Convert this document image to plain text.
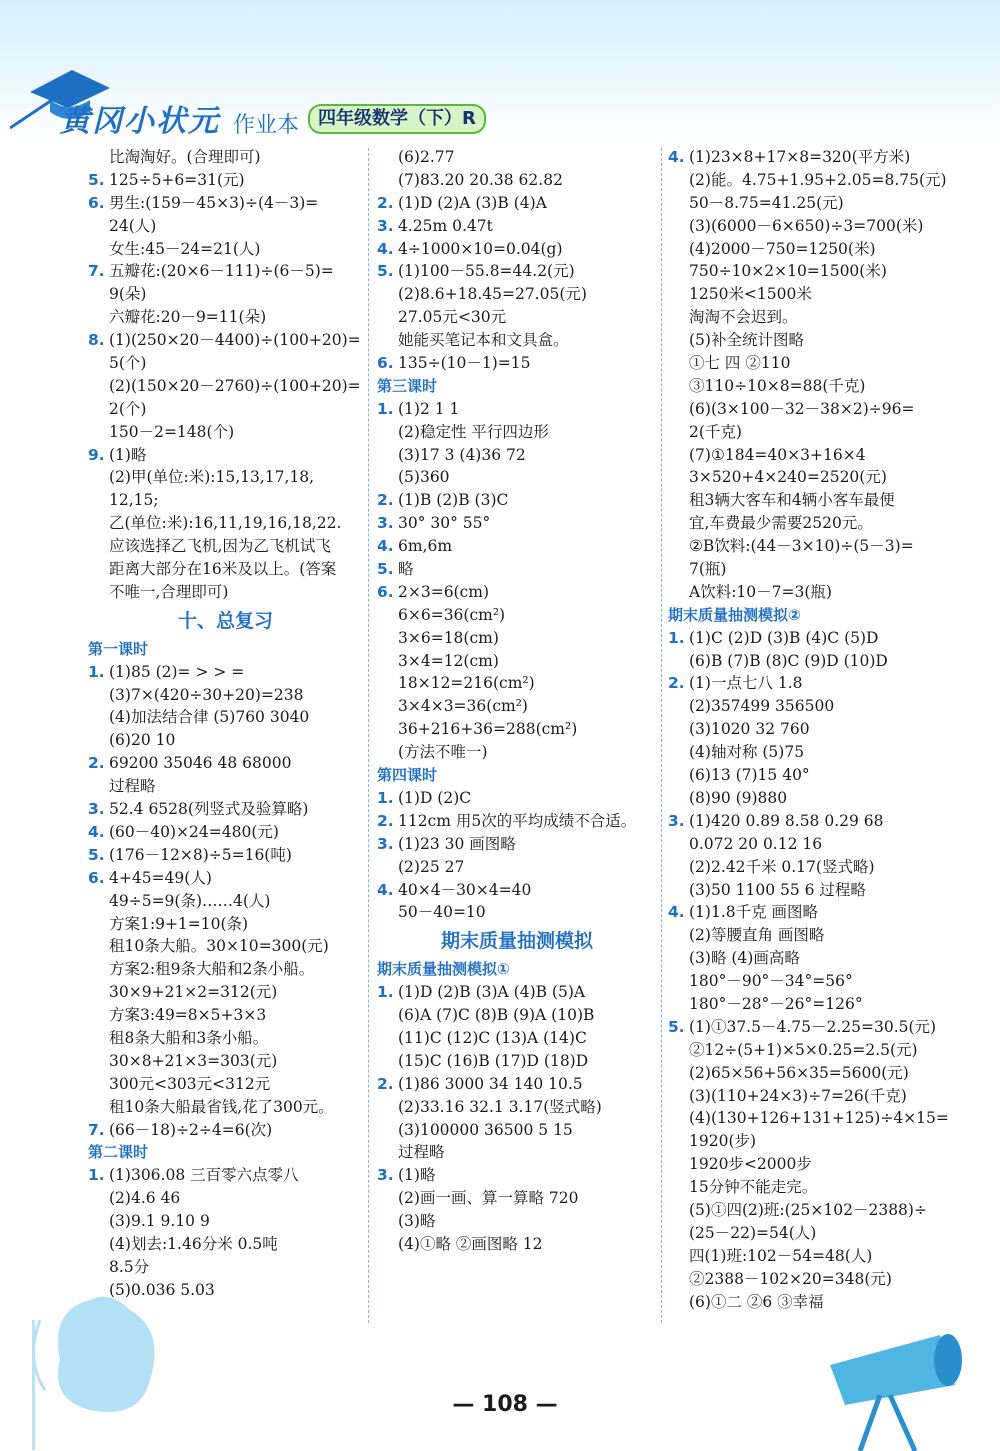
黄冈小状元 作业本	四年级数学（下）R
比淘淘好。(合理即可)
5. 125÷5+6=31(元)
6. 男生:(159－45×3)÷(4－3)=
24(人)
女生:45－24=21(人)
7. 五瓣花:(20×6－111)÷(6－5)=
9(朵)
六瓣花:20－9=11(朵)
8. (1)(250×20－4400)÷(100+20)=
5(个)
(2)(150×20－2760)÷(100+20)=
2(个)
150－2=148(个)
9. (1)略
(2)甲(单位:米):15,13,17,18,
12,15;
乙(单位:米):16,11,19,16,18,22.
应该选择乙飞机,因为乙飞机试飞
距离大部分在16米及以上。(答案
不唯一,合理即可)
十、总复习
第一课时
1. (1)85 (2)= > > =
(3)7×(420÷30+20)=238
(4)加法结合律 (5)760 3040
(6)20 10
2. 69200 35046 48 68000
过程略
3. 52.4 6528(列竖式及验算略)
4. (60－40)×24=480(元)
5. (176－12×8)÷5=16(吨)
6. 4+45=49(人)
49÷5=9(条)……4(人)
方案1:9+1=10(条)
租10条大船。30×10=300(元)
方案2:租9条大船和2条小船。
30×9+21×2=312(元)
方案3:49=8×5+3×3
租8条大船和3条小船。
30×8+21×3=303(元)
300元<303元<312元
租10条大船最省钱,花了300元。
7. (66－18)÷2÷4=6(次)
第二课时
1. (1)306.08 三百零六点零八
(2)4.6 46
(3)9.1 9.10 9
(4)划去:1.46分米 0.5吨
8.5分
(5)0.036 5.03
(6)2.77
(7)83.20 20.38 62.82
2. (1)D (2)A (3)B (4)A
3. 4.25m 0.47t
4. 4÷1000×10=0.04(g)
5. (1)100－55.8=44.2(元)
(2)8.6+18.45=27.05(元)
27.05元<30元
她能买笔记本和文具盒。
6. 135÷(10－1)=15
第三课时
1. (1)2 1 1
(2)稳定性 平行四边形
(3)17 3 (4)36 72
(5)360
2. (1)B (2)B (3)C
3. 30° 30° 55°
4. 6m,6m
5. 略
6. 2×3=6(cm)
6×6=36(cm²)
3×6=18(cm)
3×4=12(cm)
18×12=216(cm²)
3×4×3=36(cm²)
36+216+36=288(cm²)
(方法不唯一)
第四课时
1. (1)D (2)C
2. 112cm 用5次的平均成绩不合适。
3. (1)23 30 画图略
(2)25 27
4. 40×4－30×4=40
50－40=10
期末质量抽测模拟
期末质量抽测模拟①
1. (1)D (2)B (3)A (4)B (5)A
(6)A (7)C (8)B (9)A (10)B
(11)C (12)C (13)A (14)C
(15)C (16)B (17)D (18)D
2. (1)86 3000 34 140 10.5
(2)33.16 32.1 3.17(竖式略)
(3)100000 36500 5 15
过程略
3. (1)略
(2)画一画、算一算略 720
(3)略
(4)①略 ②画图略 12
4. (1)23×8+17×8=320(平方米)
(2)能。4.75+1.95+2.05=8.75(元)
50－8.75=41.25(元)
(3)(6000－6×650)÷3=700(米)
(4)2000－750=1250(米)
750÷10×2×10=1500(米)
1250米<1500米
淘淘不会迟到。
(5)补全统计图略
①七 四 ②110
③110÷10×8=88(千克)
(6)(3×100－32－38×2)÷96=
2(千克)
(7)①184=40×3+16×4
3×520+4×240=2520(元)
租3辆大客车和4辆小客车最便
宜,车费最少需要2520元。
②B饮料:(44－3×10)÷(5－3)=
7(瓶)
A饮料:10－7=3(瓶)
期末质量抽测模拟②
1. (1)C (2)D (3)B (4)C (5)D
(6)B (7)B (8)C (9)D (10)D
2. (1)一点七八 1.8
(2)357499 356500
(3)1020 32 760
(4)轴对称 (5)75
(6)13 (7)15 40°
(8)90 (9)880
3. (1)420 0.89 8.58 0.29 68
0.072 20 0.12 16
(2)2.42千米 0.17(竖式略)
(3)50 1100 55 6 过程略
4. (1)1.8千克 画图略
(2)等腰直角 画图略
(3)略 (4)画高略
180°－90°－34°=56°
180°－28°－26°=126°
5. (1)①37.5－4.75－2.25=30.5(元)
②12÷(5+1)×5×0.25=2.5(元)
(2)65×56+56×35=5600(元)
(3)(110+24×3)÷7=26(千克)
(4)(130+126+131+125)÷4×15=
1920(步)
1920步<2000步
15分钟不能走完。
(5)①四(2)班:(25×102－2388)÷
(25－22)=54(人)
四(1)班:102－54=48(人)
②2388－102×20=348(元)
(6)①二 ②6 ③幸福
— 108 —
